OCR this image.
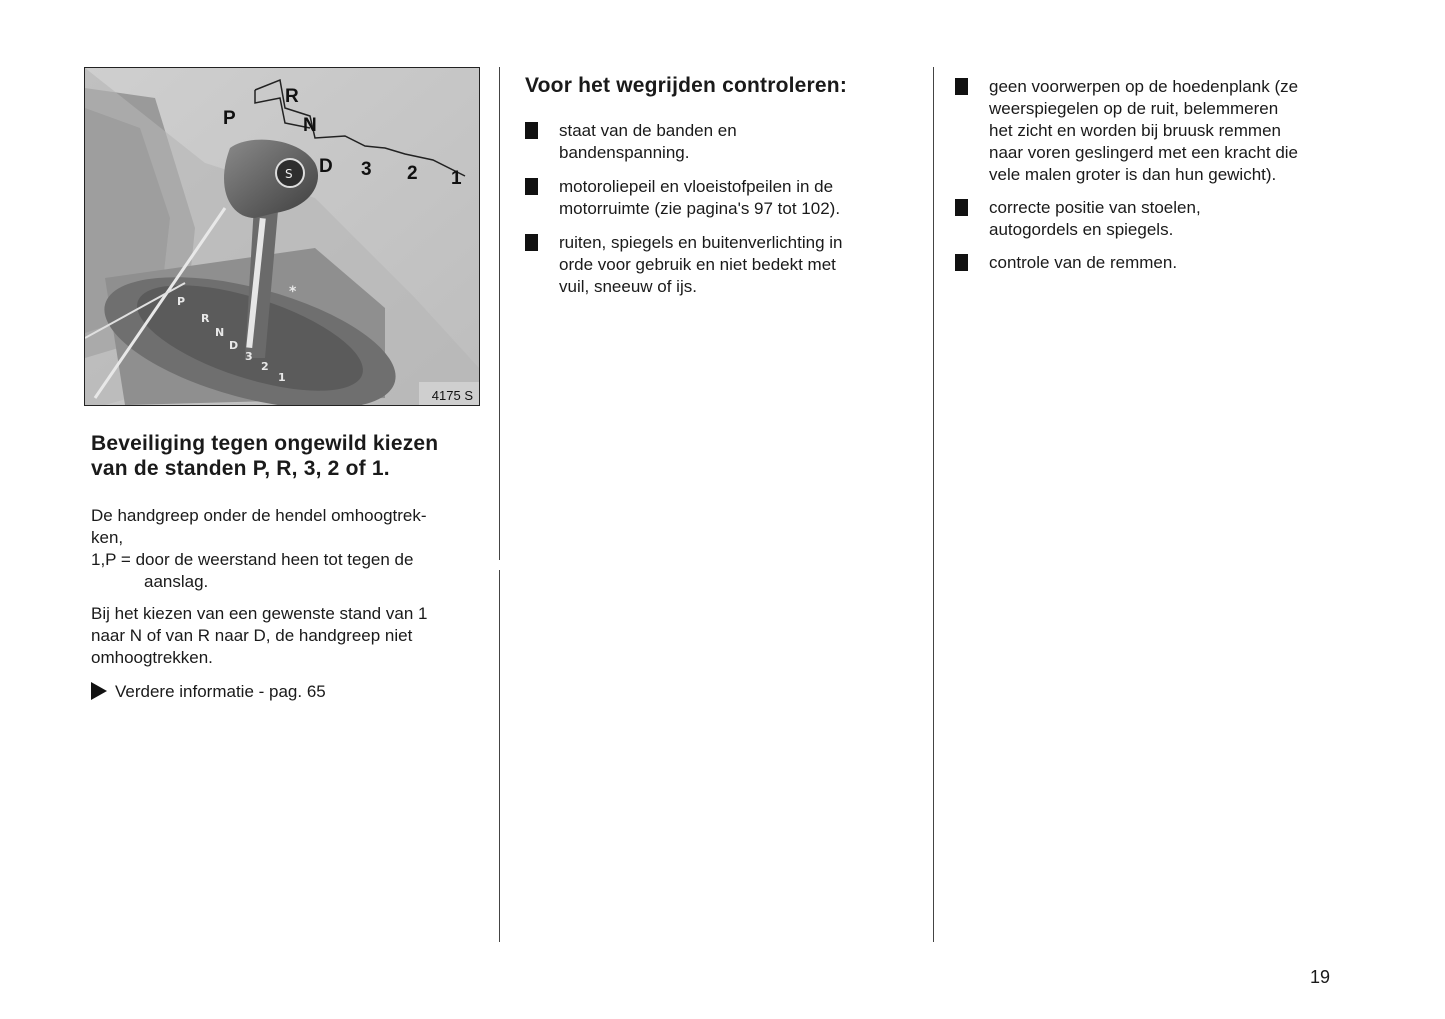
P
R
N
D
3
2
1
*
S
P
R
N
D 3 2 1
4175 S
Beveiliging tegen ongewild kiezen
van de standen P, R, 3, 2 of 1.
De handgreep onder de hendel omhoogtrek-
ken,
1,P = door de weerstand heen tot tegen de
aanslag.
Bij het kiezen van een gewenste stand van 1
naar N of van R naar D, de handgreep niet
omhoogtrekken.
Verdere informatie - pag. 65
Voor het wegrijden controleren:
staat van de banden en
bandenspanning.
motoroliepeil en vloeistofpeilen in de
motorruimte (zie pagina's 97 tot 102).
ruiten, spiegels en buitenverlichting in
orde voor gebruik en niet bedekt met
vuil, sneeuw of ijs.
geen voorwerpen op de hoedenplank (ze
weerspiegelen op de ruit, belemmeren
het zicht en worden bij bruusk remmen
naar voren geslingerd met een kracht die
vele malen groter is dan hun gewicht).
correcte positie van stoelen,
autogordels en spiegels.
controle van de remmen.
19
